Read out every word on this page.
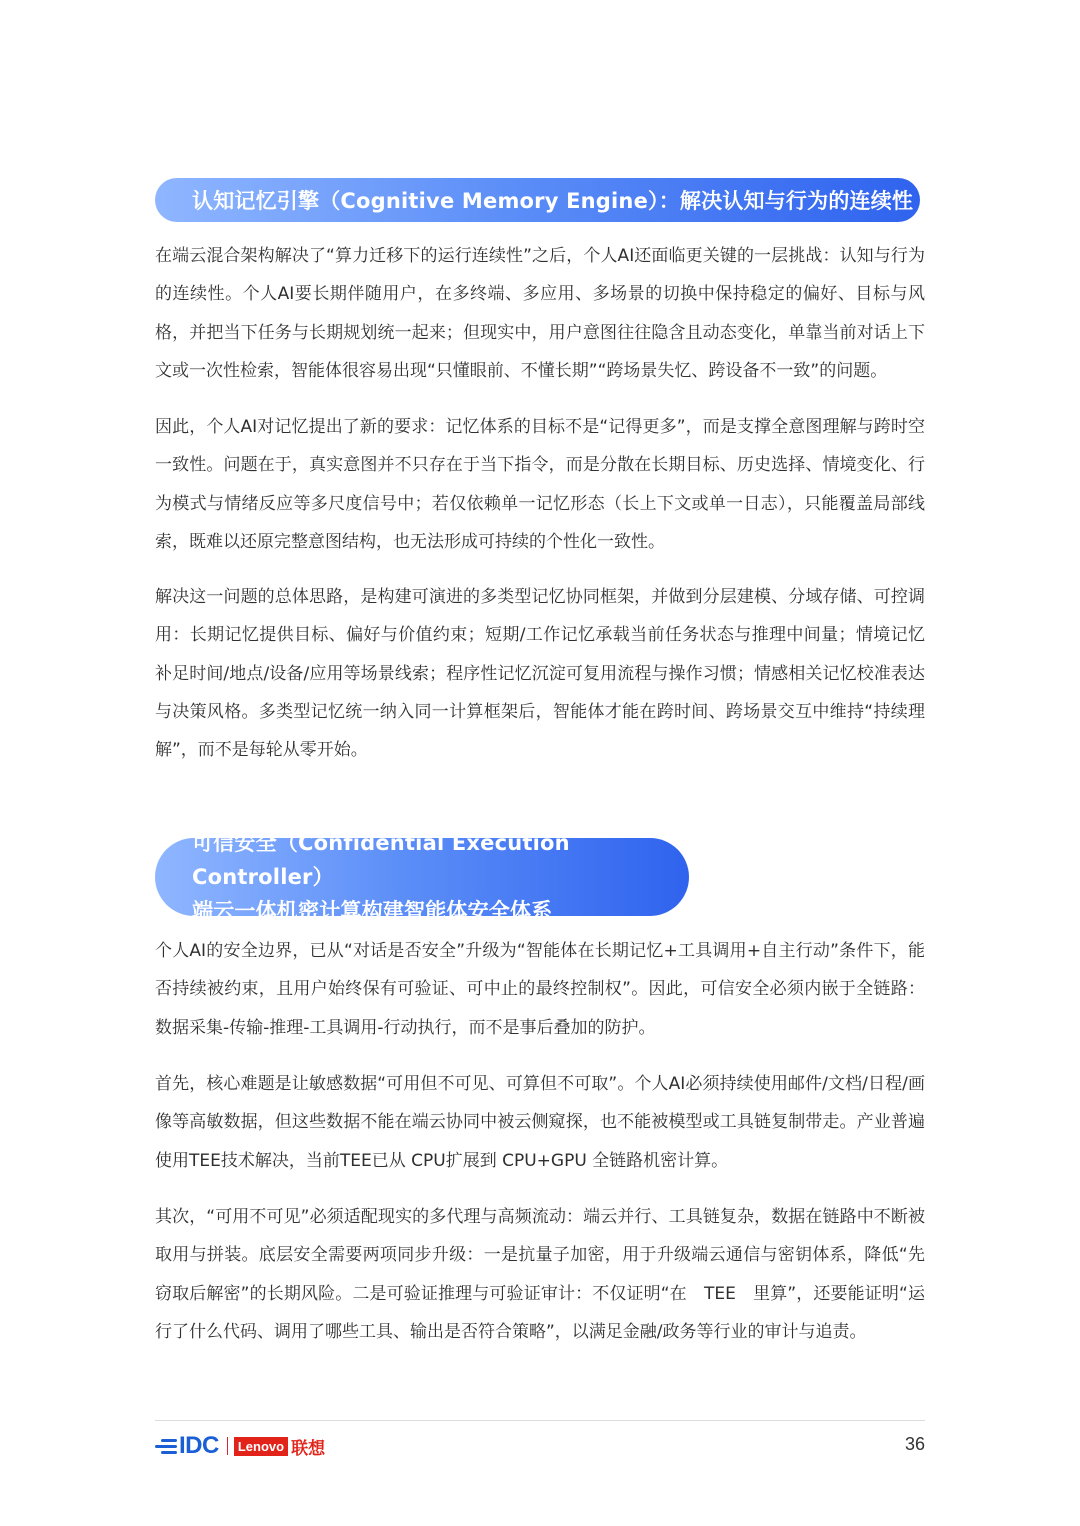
认知记忆引擎（Cognitive Memory Engine）：解决认知与行为的连续性

在端云混合架构解决了“算力迁移下的运行连续性”之后，个人AI还面临更关键的一层挑战：认知与行为的连续性。个人AI要长期伴随用户，在多终端、多应用、多场景的切换中保持稳定的偏好、目标与风格，并把当下任务与长期规划统一起来；但现实中，用户意图往往隐含且动态变化，单靠当前对话上下文或一次性检索，智能体很容易出现“只懂眼前、不懂长期”“跨场景失忆、跨设备不一致”的问题。

因此，个人AI对记忆提出了新的要求：记忆体系的目标不是“记得更多”，而是支撑全意图理解与跨时空一致性。问题在于，真实意图并不只存在于当下指令，而是分散在长期目标、历史选择、情境变化、行为模式与情绪反应等多尺度信号中；若仅依赖单一记忆形态（长上下文或单一日志），只能覆盖局部线索，既难以还原完整意图结构，也无法形成可持续的个性化一致性。

解决这一问题的总体思路，是构建可演进的多类型记忆协同框架，并做到分层建模、分域存储、可控调用：长期记忆提供目标、偏好与价值约束；短期/工作记忆承载当前任务状态与推理中间量；情境记忆补足时间/地点/设备/应用等场景线索；程序性记忆沉淀可复用流程与操作习惯；情感相关记忆校准表达与决策风格。多类型记忆统一纳入同一计算框架后，智能体才能在跨时间、跨场景交互中维持“持续理解”，而不是每轮从零开始。

可信安全（Confidential Execution Controller）
端云一体机密计算构建智能体安全体系

个人AI的安全边界，已从“对话是否安全”升级为“智能体在长期记忆+工具调用+自主行动”条件下，能否持续被约束，且用户始终保有可验证、可中止的最终控制权”。因此，可信安全必须内嵌于全链路：数据采集-传输-推理-工具调用-行动执行，而不是事后叠加的防护。

首先，核心难题是让敏感数据“可用但不可见、可算但不可取”。个人AI必须持续使用邮件/文档/日程/画像等高敏数据，但这些数据不能在端云协同中被云侧窥探，也不能被模型或工具链复制带走。产业普遍使用TEE技术解决，当前TEE已从 CPU扩展到 CPU+GPU 全链路机密计算。

其次，“可用不可见”必须适配现实的多代理与高频流动：端云并行、工具链复杂，数据在链路中不断被取用与拼装。底层安全需要两项同步升级：一是抗量子加密，用于升级端云通信与密钥体系，降低“先窃取后解密”的长期风险。二是可验证推理与可验证审计：不仅证明“在　TEE　里算”，还要能证明“运行了什么代码、调用了哪些工具、输出是否符合策略”，以满足金融/政务等行业的审计与追责。

IDC	Lenovo 联想	36
